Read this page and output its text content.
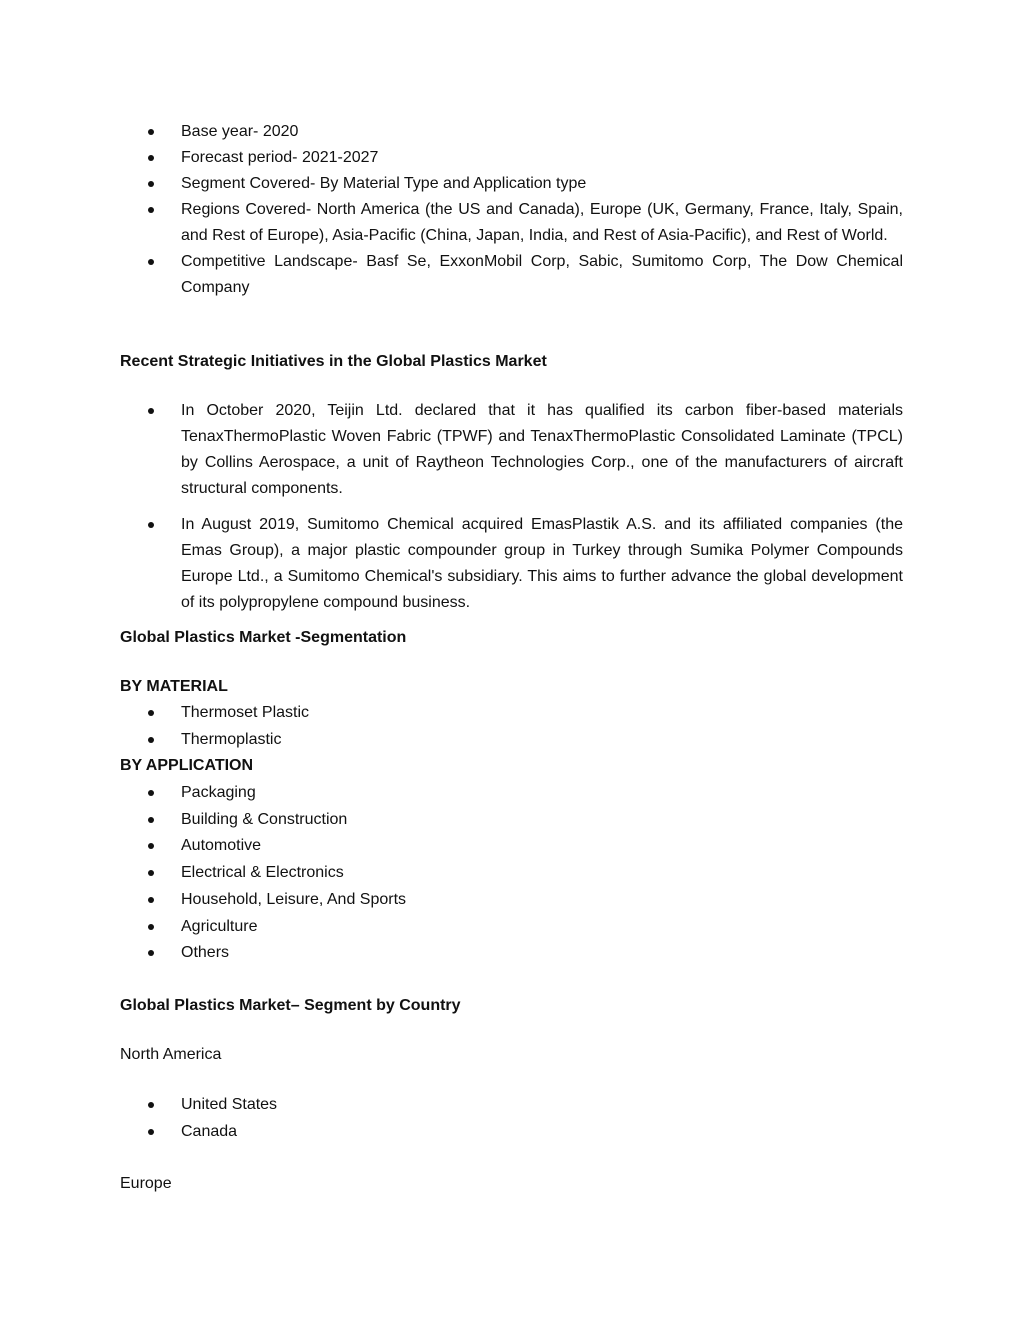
Base year- 2020
Forecast period- 2021-2027
Segment Covered- By Material Type and Application type
Regions Covered- North America (the US and Canada), Europe (UK, Germany, France, Italy, Spain, and Rest of Europe), Asia-Pacific (China, Japan, India, and Rest of Asia-Pacific), and Rest of World.
Competitive Landscape- Basf Se, ExxonMobil Corp, Sabic, Sumitomo Corp, The Dow Chemical Company
Recent Strategic Initiatives in the Global Plastics Market
In October 2020, Teijin Ltd. declared that it has qualified its carbon fiber-based materials TenaxThermoPlastic Woven Fabric (TPWF) and TenaxThermoPlastic Consolidated Laminate (TPCL) by Collins Aerospace, a unit of Raytheon Technologies Corp., one of the manufacturers of aircraft structural components.
In August 2019, Sumitomo Chemical acquired EmasPlastik A.S. and its affiliated companies (the Emas Group), a major plastic compounder group in Turkey through Sumika Polymer Compounds Europe Ltd., a Sumitomo Chemical's subsidiary. This aims to further advance the global development of its polypropylene compound business.
Global Plastics Market -Segmentation
BY MATERIAL
Thermoset Plastic
Thermoplastic
BY APPLICATION
Packaging
Building & Construction
Automotive
Electrical & Electronics
Household, Leisure, And Sports
Agriculture
Others
Global Plastics Market– Segment by Country
North America
United States
Canada
Europe
